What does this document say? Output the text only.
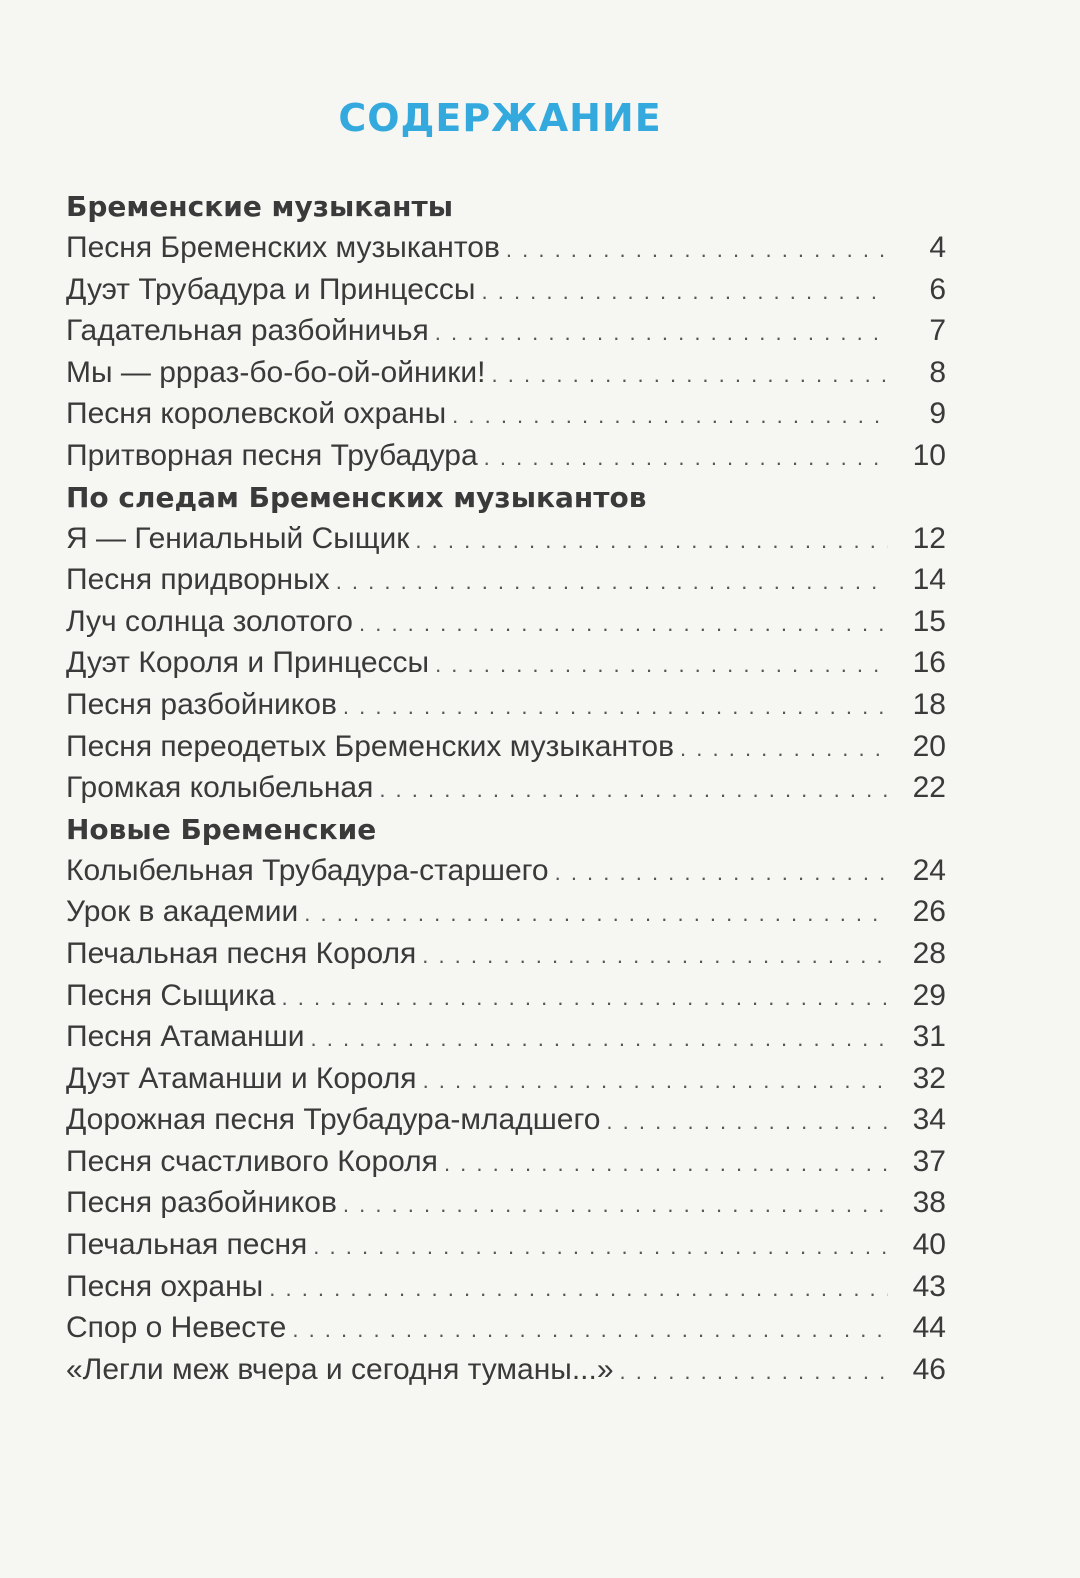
СОДЕРЖАНИЕ
Бременские музыканты
Песня Бременских музыкантов . . .	4
Дуэт Трубадура и Принцессы . . .	6
Гадательная разбойничья . . .	7
Мы — ррраз-бо-бо-ой-ойники! . . .	8
Песня королевской охраны . . .	9
Притворная песня Трубадура . . .	10
По следам Бременских музыкантов
Я — Гениальный Сыщик . . .	12
Песня придворных . . .	14
Луч солнца золотого . . .	15
Дуэт Короля и Принцессы . . .	16
Песня разбойников . . .	18
Песня переодетых Бременских музыкантов . . .	20
Громкая колыбельная . . .	22
Новые Бременские
Колыбельная Трубадура-старшего . . .	24
Урок в академии . . .	26
Печальная песня Короля . . .	28
Песня Сыщика . . .	29
Песня Атаманши . . .	31
Дуэт Атаманши и Короля . . .	32
Дорожная песня Трубадура-младшего . . .	34
Песня счастливого Короля . . .	37
Песня разбойников . . .	38
Печальная песня . . .	40
Песня охраны . . .	43
Спор о Невесте . . .	44
«Легли меж вчера и сегодня туманы...» . . .	46
